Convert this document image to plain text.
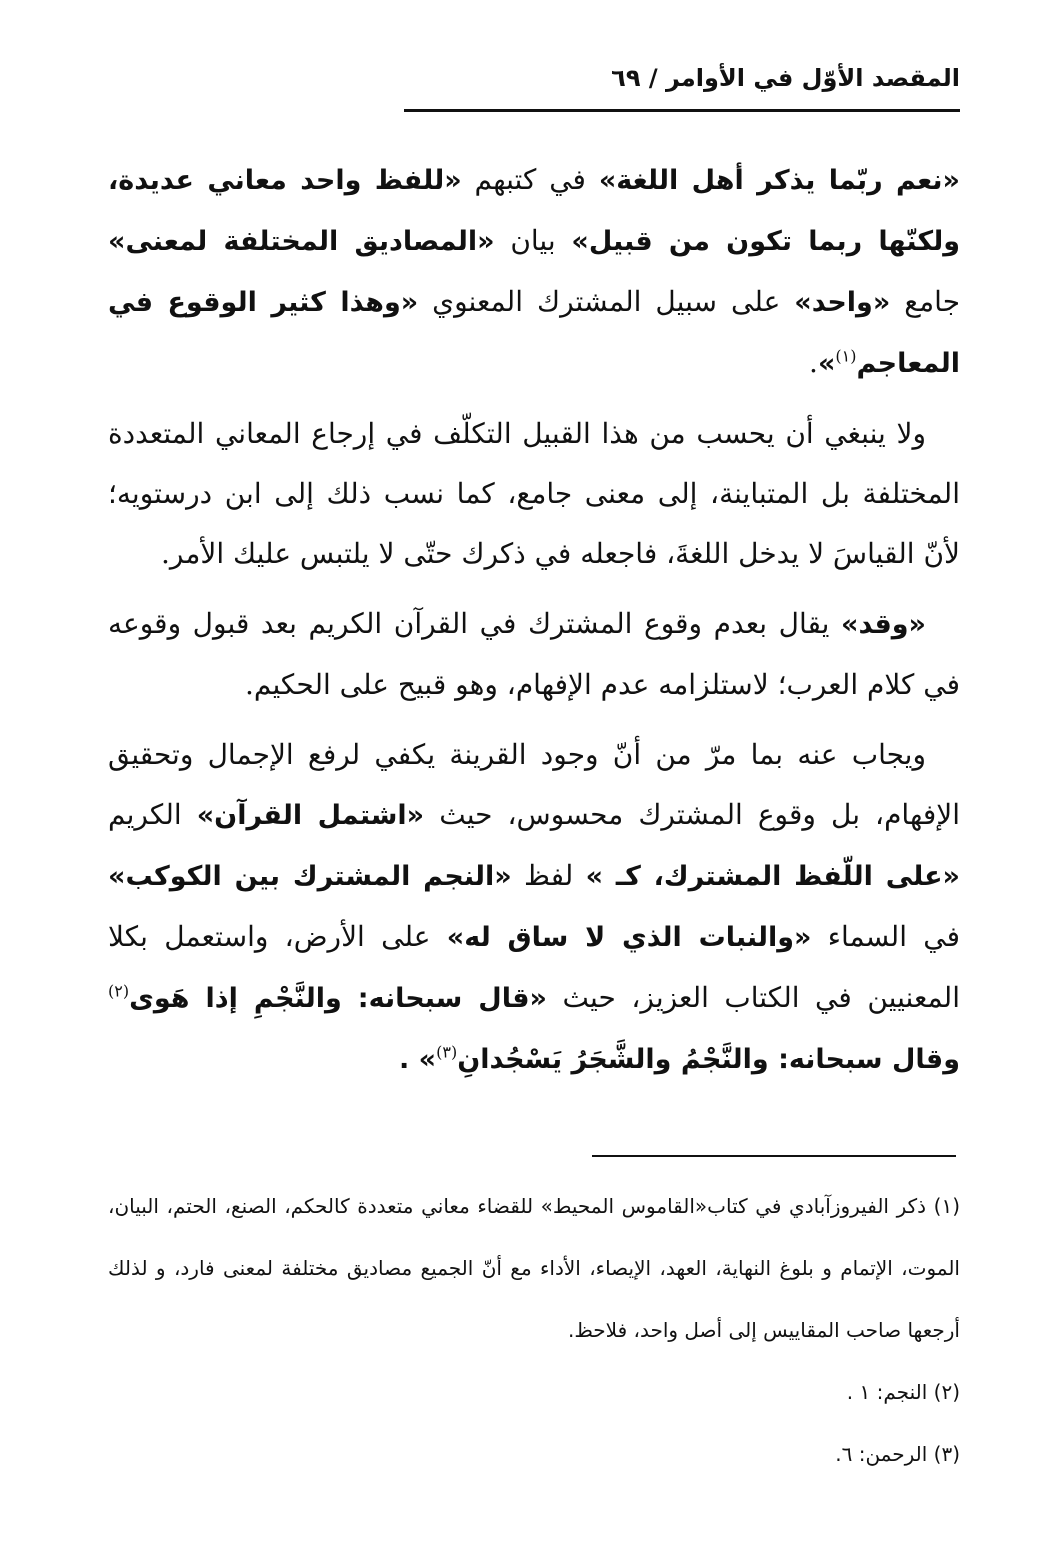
المقصد الأوّل في الأوامر / ٦٩

«نعم ربّما يذكر أهل اللغة» في كتبهم «للفظ واحد معاني عديدة، ولكنّها ربما تكون من قبيل» بيان «المصاديق المختلفة لمعنى» جامع «واحد» على سبيل المشترك المعنوي «وهذا كثير الوقوع في المعاجم$^{(١)}$».

ولا ينبغي أن يحسب من هذا القبيل التكلّف في إرجاع المعاني المتعددة المختلفة بل المتباينة، إلى معنى جامع، كما نسب ذلك إلى ابن درستويه؛ لأنّ القياسَ لا يدخل اللغةَ، فاجعله في ذكرك حتّى لا يلتبس عليك الأمر.

«وقد» يقال بعدم وقوع المشترك في القرآن الكريم بعد قبول وقوعه في كلام العرب؛ لاستلزامه عدم الإفهام، وهو قبيح على الحكيم.

ويجاب عنه بما مرّ من أنّ وجود القرينة يكفي لرفع الإجمال وتحقيق الإفهام، بل وقوع المشترك محسوس، حيث «اشتمل القرآن» الكريم «على اللّفظ المشترك، كـ » لفظ «النجم المشترك بين الكوكب» في السماء «والنبات الذي لا ساق له» على الأرض، واستعمل بكلا المعنيين في الكتاب العزيز، حيث «قال سبحانه: والنَّجْمِ إذا هَوى$^{(٢)}$ وقال سبحانه: والنَّجْمُ والشَّجَرُ يَسْجُدانِ$^{(٣)}$» .

(١) ذكر الفيروزآبادي في كتاب«القاموس المحيط» للقضاء معاني متعددة كالحكم، الصنع، الحتم، البيان، الموت، الإتمام و بلوغ النهاية، العهد، الإيصاء، الأداء مع أنّ الجميع مصاديق مختلفة لمعنى فارد، و لذلك أرجعها صاحب المقاييس إلى أصل واحد، فلاحظ.

(٢) النجم: ١ .

(٣) الرحمن: ٦.
